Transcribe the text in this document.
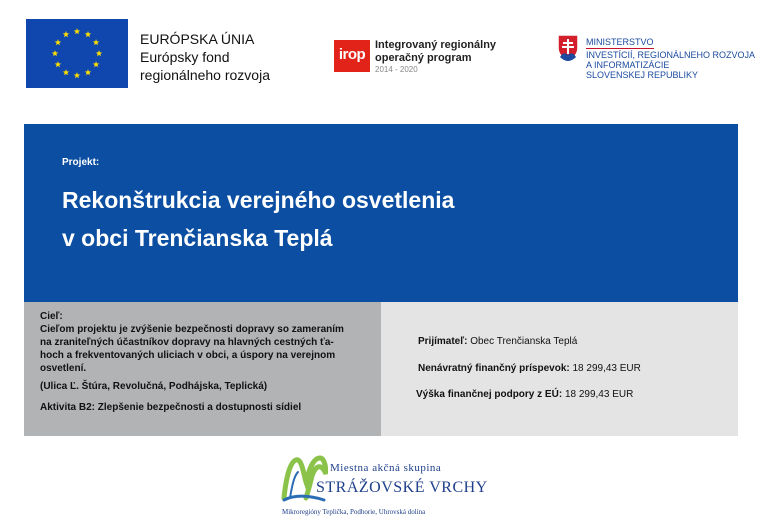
EURÓPSKA ÚNIA
Európsky fond
regionálneho rozvoja
irop
Integrovaný regionálny
operačný program
2014 - 2020
MINISTERSTVO
INVESTÍCIÍ, REGIONÁLNEHO ROZVOJA
A INFORMATIZÁCIE
SLOVENSKEJ REPUBLIKY
Projekt:
Rekonštrukcia verejného osvetlenia
v obci Trenčianska Teplá
Cieľ:
Cieľom projektu je zvýšenie bezpečnosti dopravy so zameraním
na zraniteľných účastníkov dopravy na hlavných cestných ťa-
hoch a frekventovaných uliciach v obci, a úspory na verejnom
osvetlení.
(Ulica Ľ. Štúra, Revolučná, Podhájska, Teplická)
Aktivita B2: Zlepšenie bezpečnosti a dostupnosti sídiel
Prijímateľ: Obec Trenčianska Teplá
Nenávratný finančný príspevok: 18 299,43 EUR
Výška finančnej podpory z EÚ: 18 299,43 EUR
Miestna akčná skupina
STRÁŽOVSKÉ VRCHY
Mikroregióny Teplička, Podhorie, Uhrovská dolina
